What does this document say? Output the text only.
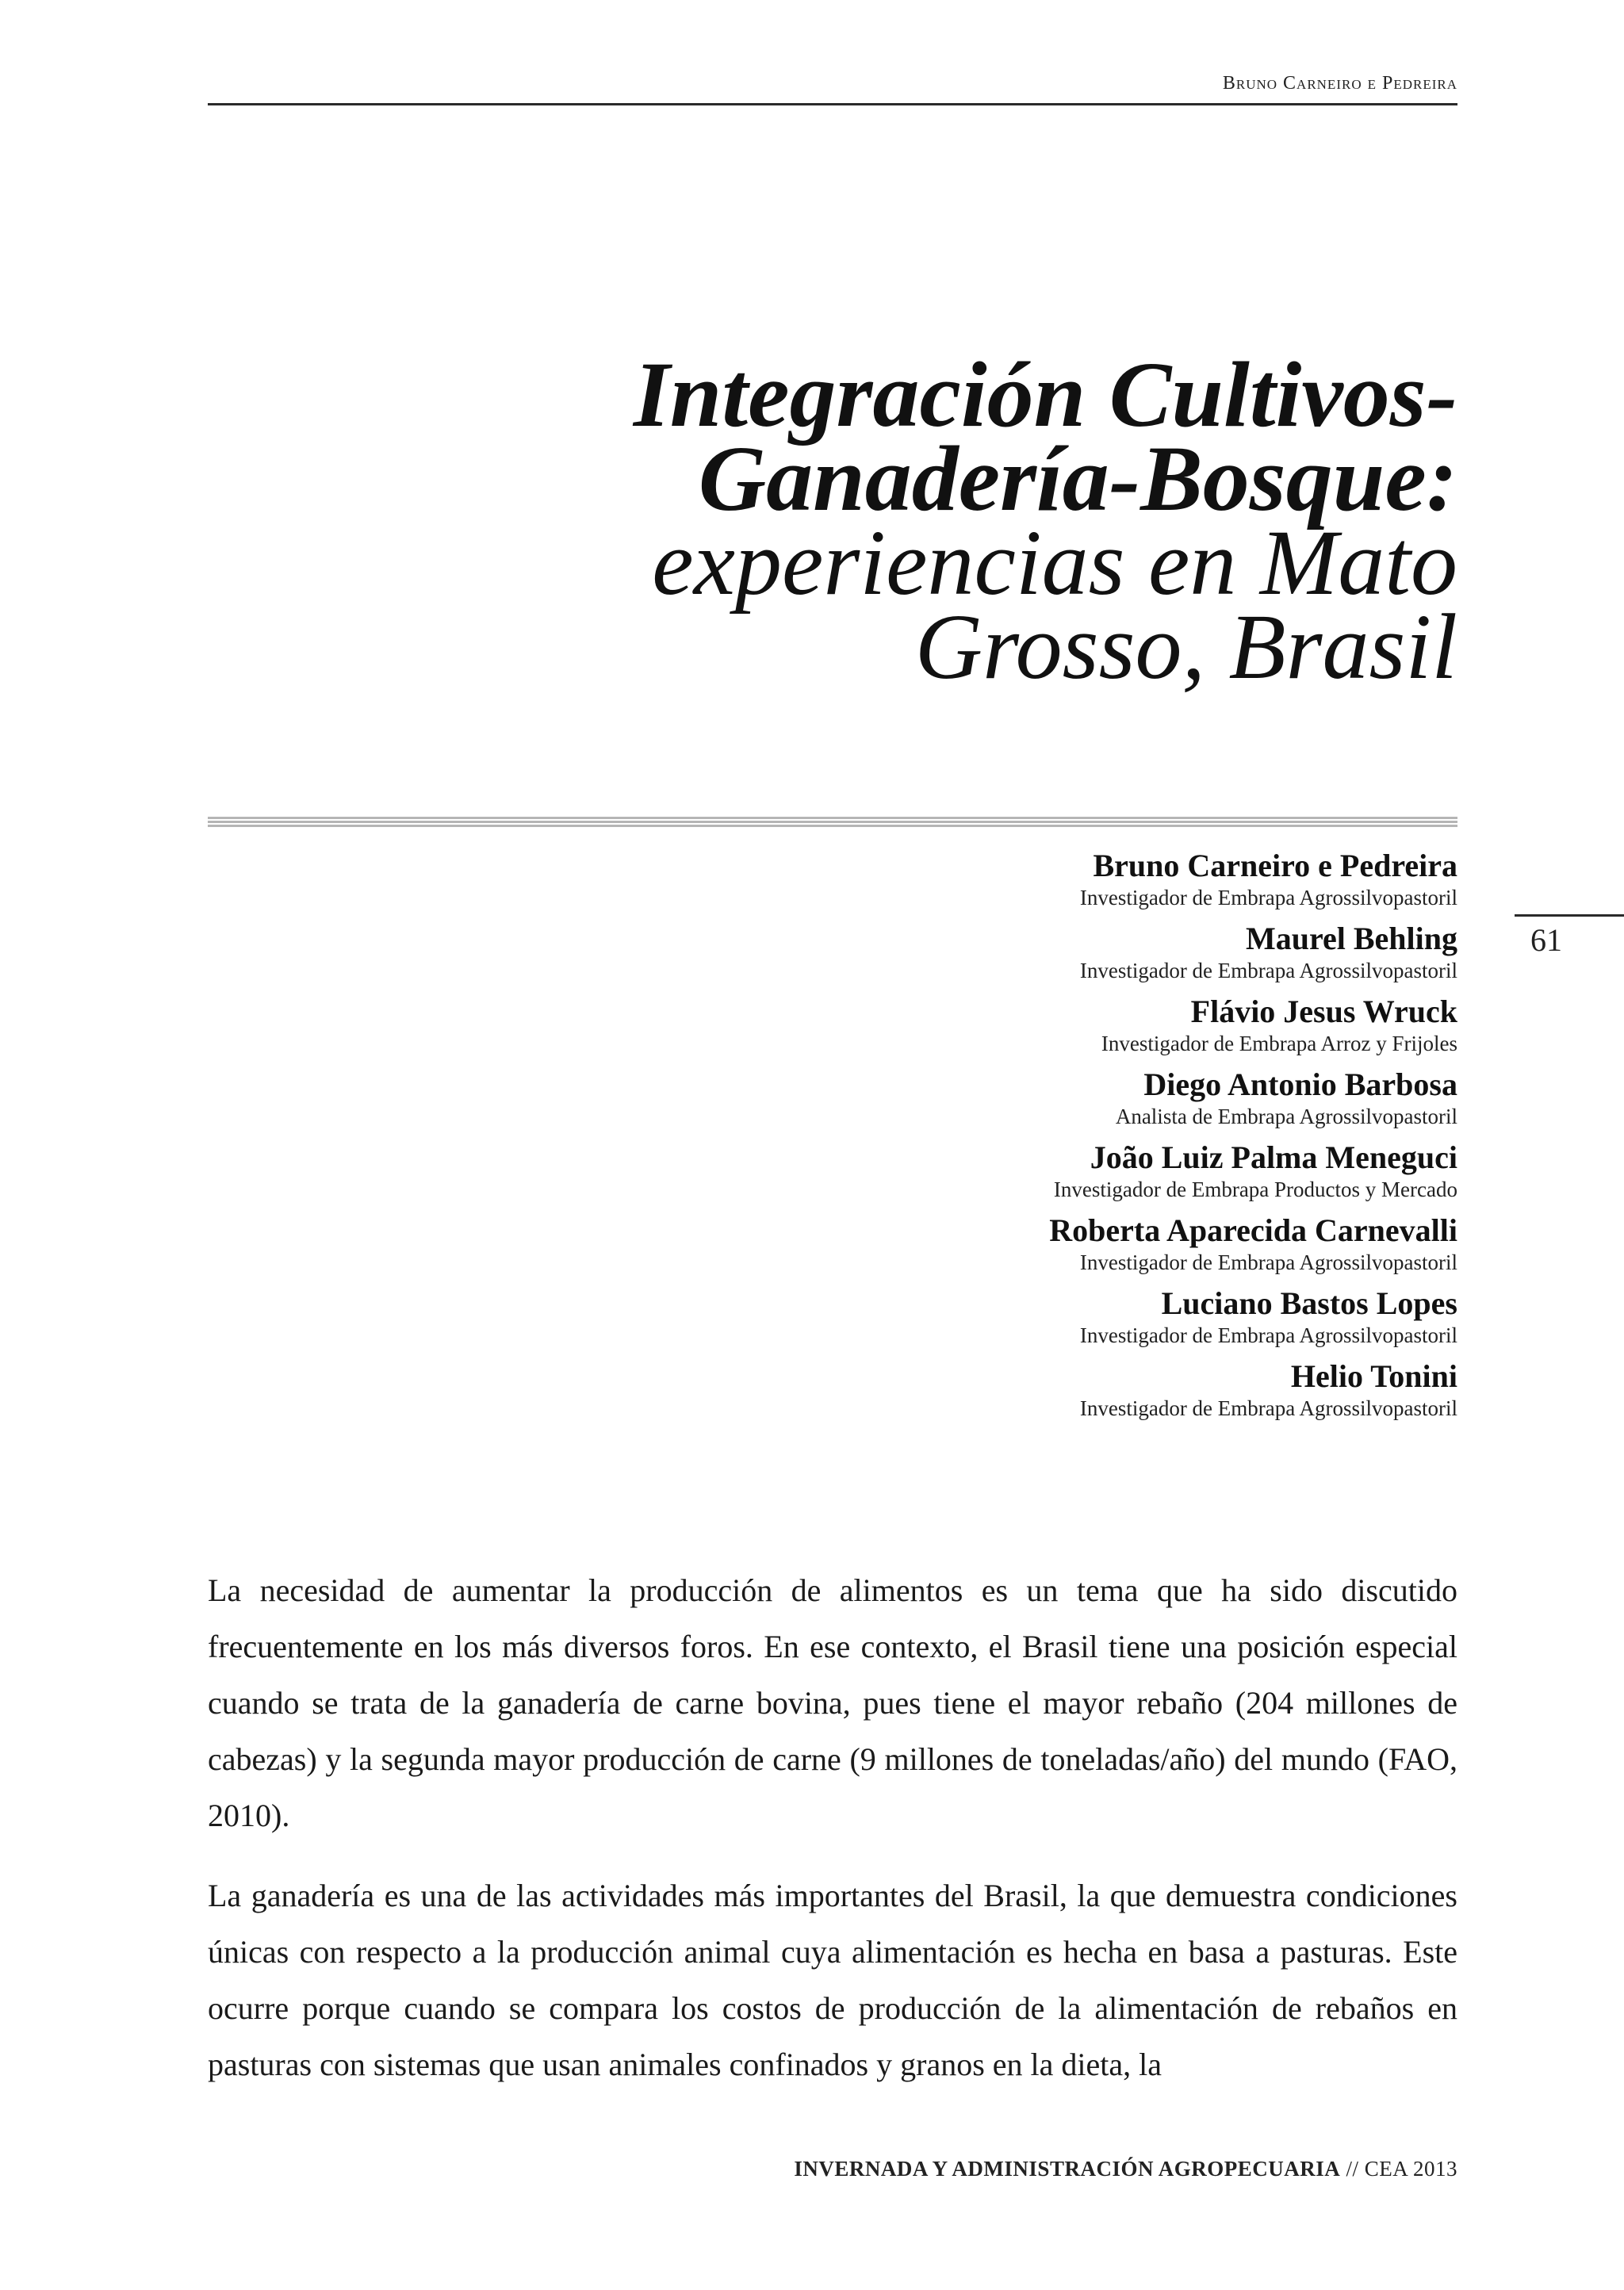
Bruno Carneiro e Pedreira

Integración Cultivos-

Ganadería-Bosque:

experiencias en Mato

Grosso, Brasil

Bruno Carneiro e Pedreira
Investigador de Embrapa Agrossilvopastoril
Maurel Behling
Investigador de Embrapa Agrossilvopastoril
Flávio Jesus Wruck
Investigador de Embrapa Arroz y Frijoles
Diego Antonio Barbosa
Analista de Embrapa Agrossilvopastoril
João Luiz Palma Meneguci
Investigador de Embrapa Productos y Mercado
Roberta Aparecida Carnevalli
Investigador de Embrapa Agrossilvopastoril
Luciano Bastos Lopes
Investigador de Embrapa Agrossilvopastoril
Helio Tonini
Investigador de Embrapa Agrossilvopastoril
61

La necesidad de aumentar la producción de alimentos es un tema que ha sido discutido frecuentemente en los más diversos foros. En ese contexto, el Brasil tiene una posición especial cuando se trata de la ganadería de carne bovina, pues tiene el mayor rebaño (204 millones de cabezas) y la segunda mayor producción de carne (9 millones de toneladas/año) del mundo (FAO, 2010).

La ganadería es una de las actividades más importantes del Brasil, la que demuestra condiciones únicas con respecto a la producción animal cuya alimentación es hecha en basa a pasturas. Este ocurre porque cuando se compara los costos de producción de la alimentación de rebaños en pasturas con sistemas que usan animales confinados y granos en la dieta, la

INVERNADA Y ADMINISTRACIÓN AGROPECUARIA // CEA 2013
